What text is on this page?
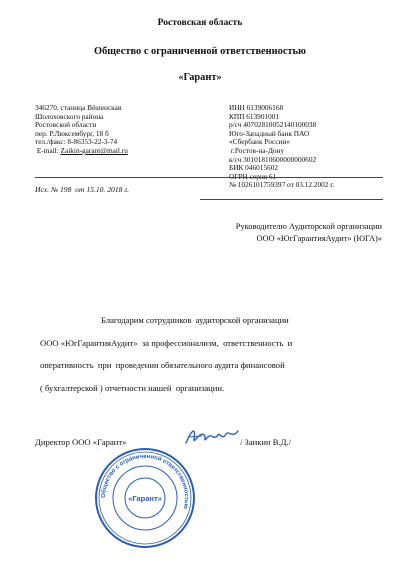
Ростовская область
Общество с ограниченной ответственностью
«Гарант»
346270, станица Вёшенская
Шолоховского района
Ростовской области
пер. Р.Люксембург, 18 б
тел./факс: 8-86353-22-3-74
E-mail: Zaikin-garant@mail.ru
ИНН 6139006168
КПП 613901001
р/сч 40702810052140100038
Юго-Западный банк ПАО
«Сбербанк России»
г.Ростов-на-Дону
к/сч 30101810600000000602
БИК 046015602
ОГРН серия 61
№ 1026101759397 от 03.12.2002 г.
Исх. № 198  от 15.10. 2018 г.
Руководителю Аудиторской организации
ООО «ЮгГарантияАудит» (ЮГА)»

Благодарим сотрудников  аудиторской организации

ООО «ЮгГарантияАудит»  за профессионализм,  ответственность  и

оперативность  при  проведении обязательного аудита финансовой

( бухгалтерской ) отчетности нашей  организации.

Директор ООО «Гарант»	/ Заикин В.Д./
Общество с ограниченной ответственностью
«Гарант»
